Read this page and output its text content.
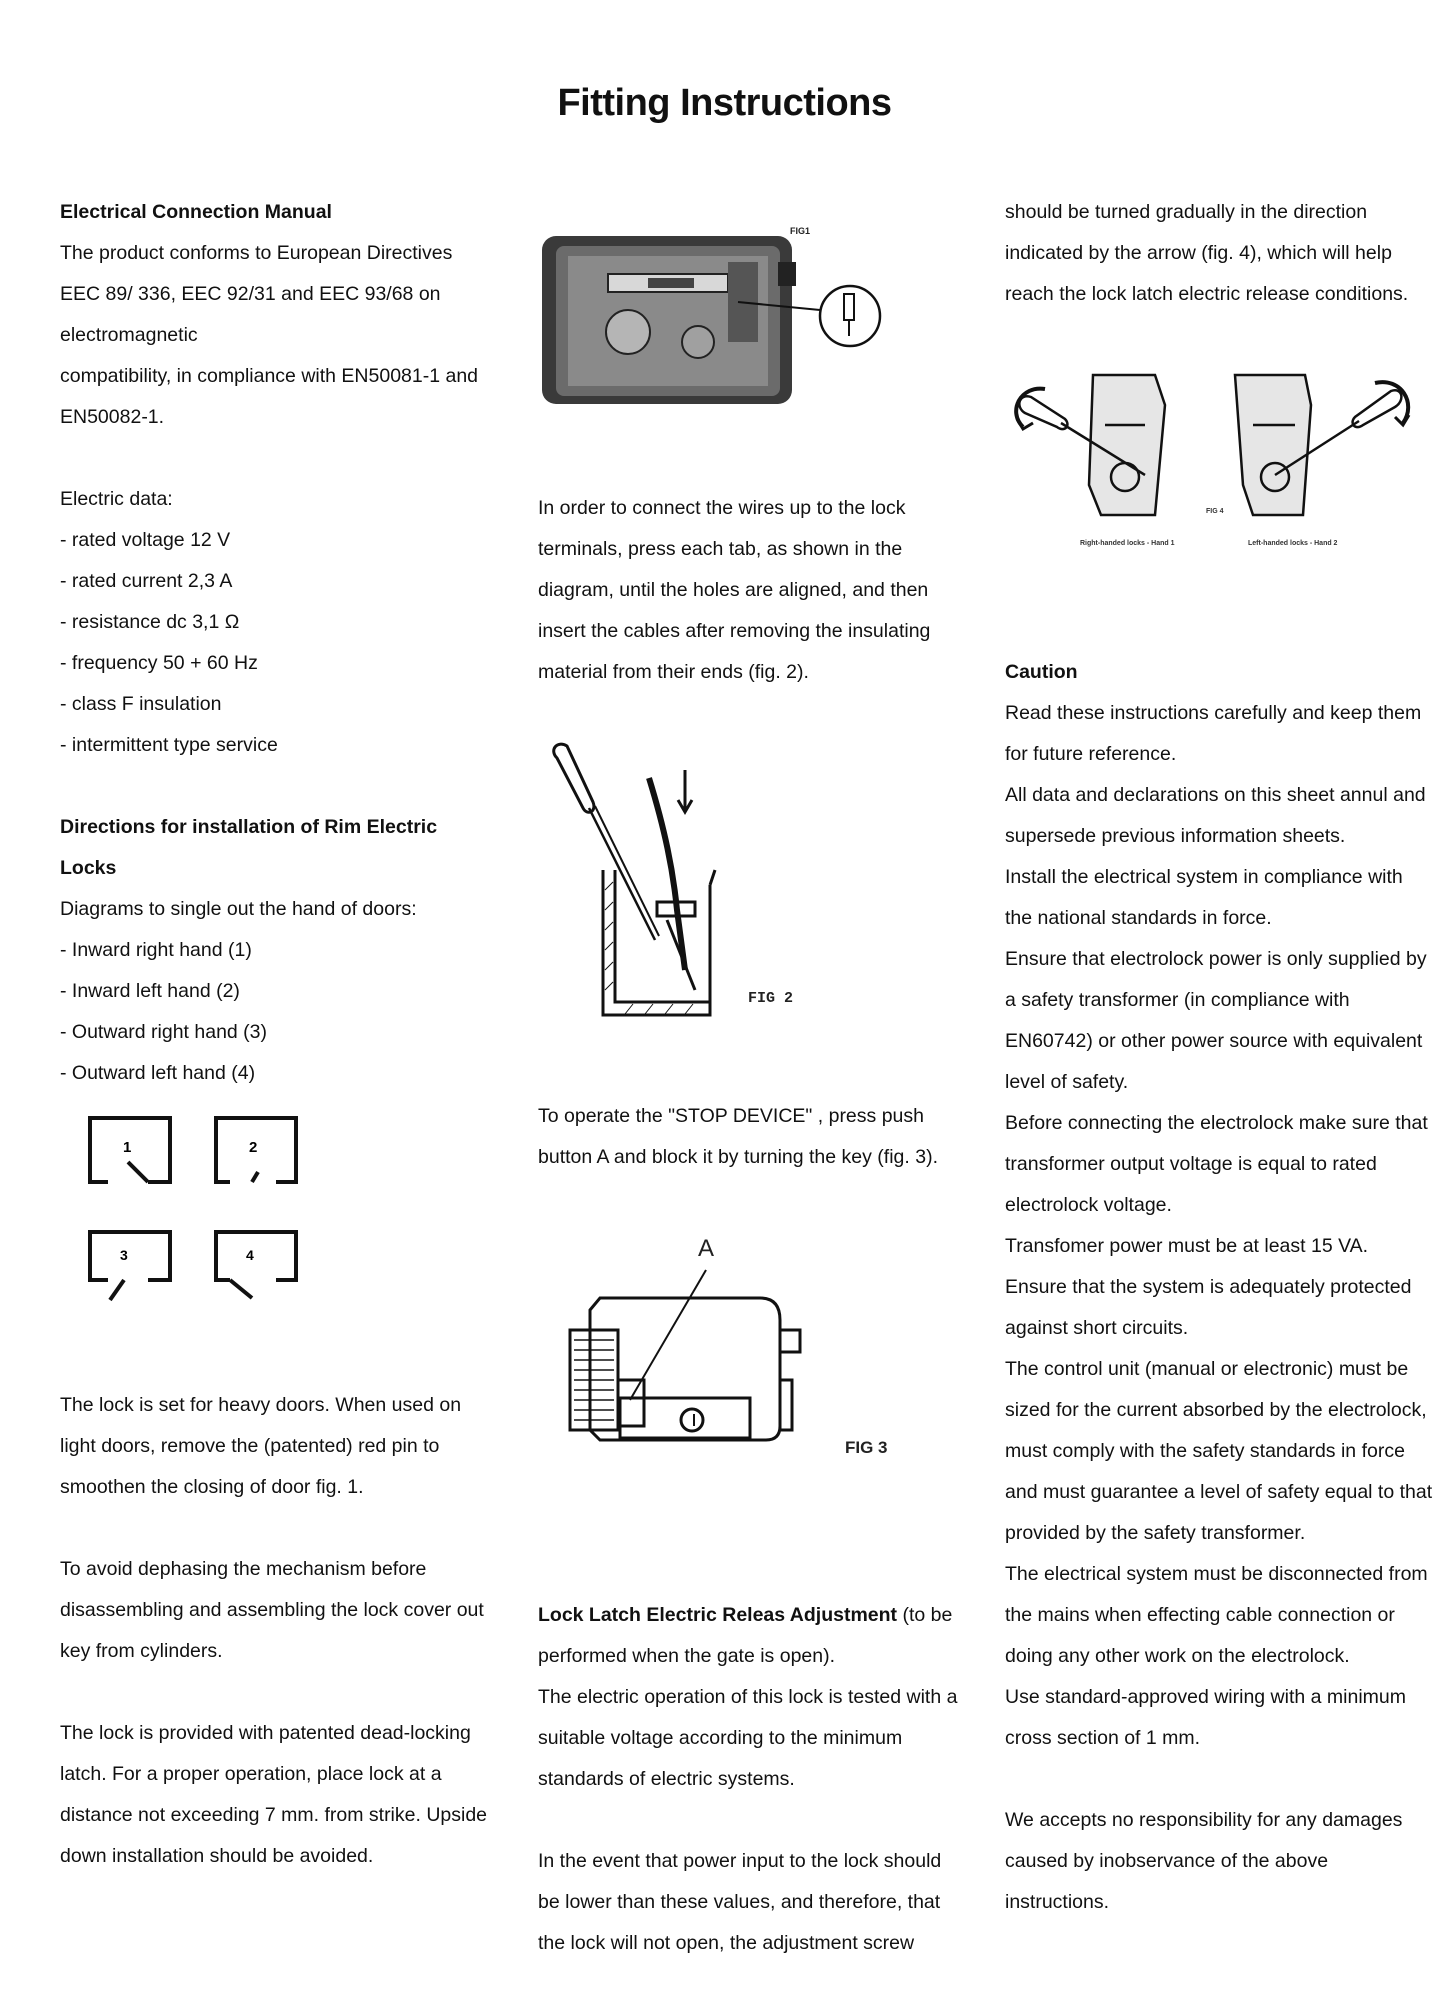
Fitting Instructions

Electrical Connection Manual

The product conforms to European Directives

EEC 89/ 336, EEC 92/31 and EEC 93/68 on

electromagnetic

compatibility, in compliance with EN50081-1 and

EN50082-1.

Electric data:

- rated voltage 12 V

- rated current 2,3 A

- resistance dc 3,1 Ω

- frequency 50 + 60 Hz

- class F insulation

- intermittent type service

Directions for installation of Rim Electric

Locks

Diagrams to single out the hand of doors:

- Inward right hand (1)

- Inward left hand (2)

- Outward right hand (3)

- Outward left hand (4)

1	2
3	4

The lock is set for heavy doors. When used on

light doors, remove the (patented) red pin to

smoothen the closing of door fig. 1.

To avoid dephasing the mechanism before

disassembling and assembling the lock cover out

key from cylinders.

The lock is provided with patented dead-locking

latch. For a proper operation, place lock at a

distance not exceeding 7 mm. from strike. Upside

down installation should be avoided.

FIG1

In order to connect the wires up to the lock

terminals, press each tab, as shown in the

diagram, until the holes are aligned, and then

insert the cables after removing the insulating

material from their ends (fig. 2).

FIG 2

To operate the "STOP DEVICE" , press push

button A and block it by turning the key (fig. 3).

A
FIG 3

Lock Latch Electric Releas Adjustment (to be

performed when the gate is open).

The electric operation of this lock is tested with a

suitable voltage according to the minimum

standards of electric systems.

In the event that power input to the lock should

be lower than these values, and therefore, that

the lock will not open, the adjustment screw

should be turned gradually in the direction

indicated by the arrow (fig. 4), which will help

reach the lock latch electric release conditions.

FIG 4
Right-handed locks - Hand 1	Left-handed locks - Hand 2

Caution

Read these instructions carefully and keep them

for future reference.

All data and declarations on this sheet annul and

supersede previous information sheets.

Install the electrical system in compliance with

the national standards in force.

Ensure that electrolock power is only supplied by

a safety transformer (in compliance with

EN60742) or other power source with equivalent

level of safety.

Before connecting the electrolock make sure that

transformer output voltage is equal to rated

electrolock voltage.

Transfomer power must be at least 15 VA.

Ensure that the system is adequately protected

against short circuits.

The control unit (manual or electronic) must be

sized for the current absorbed by the electrolock,

must comply with the safety standards in force

and must guarantee a level of safety equal to that

provided by the safety transformer.

The electrical system must be disconnected from

the mains when effecting cable connection or

doing any other work on the electrolock.

Use standard-approved wiring with a minimum

cross section of 1 mm.

We accepts no responsibility for any damages

caused by inobservance of the above

instructions.
